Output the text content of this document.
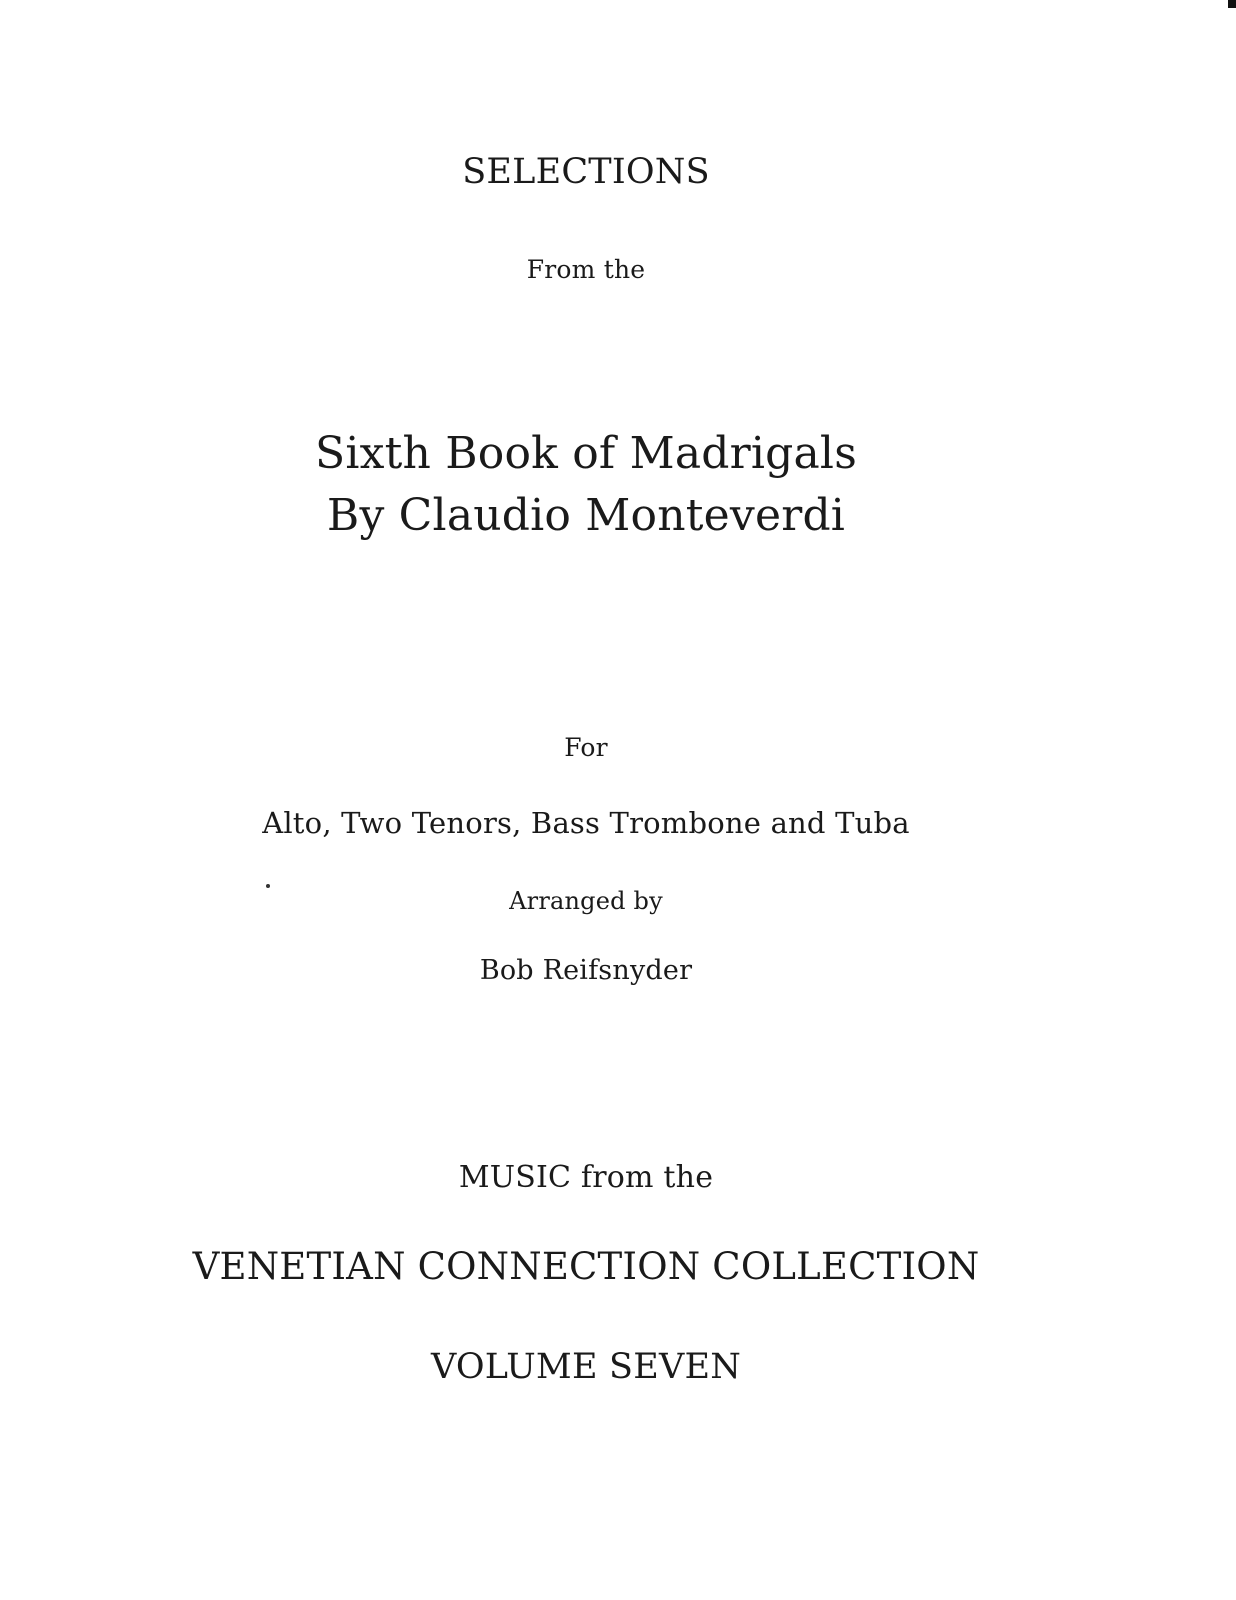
SELECTIONS
From the
Sixth Book of Madrigals
By Claudio Monteverdi
For
Alto, Two Tenors, Bass Trombone and Tuba
Arranged by
Bob Reifsnyder
MUSIC from the
VENETIAN CONNECTION COLLECTION
VOLUME SEVEN
